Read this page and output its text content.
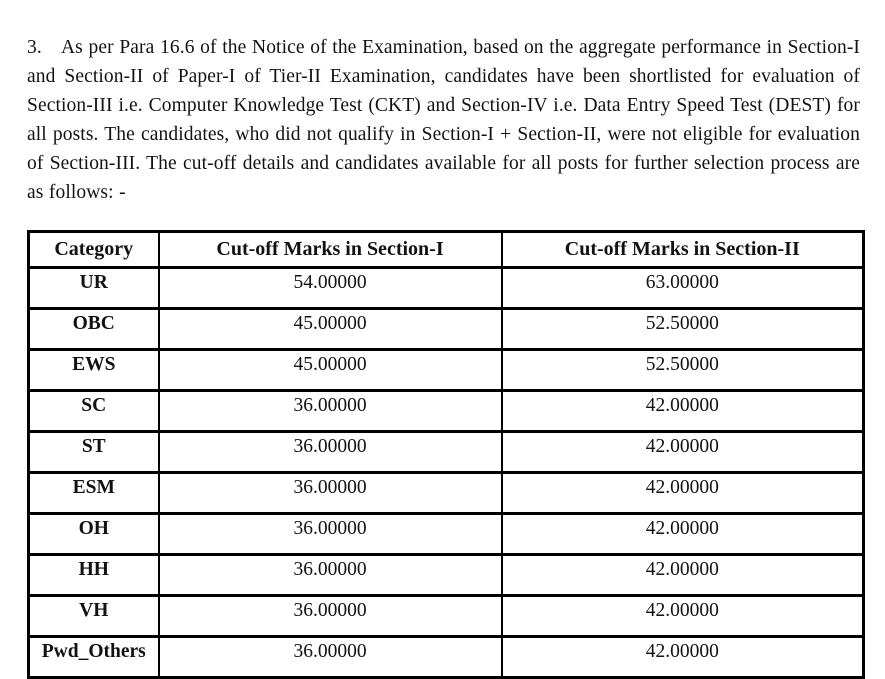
3. As per Para 16.6 of the Notice of the Examination, based on the aggregate performance in Section-I and Section-II of Paper-I of Tier-II Examination, candidates have been shortlisted for evaluation of Section-III i.e. Computer Knowledge Test (CKT) and Section-IV i.e. Data Entry Speed Test (DEST) for all posts. The candidates, who did not qualify in Section-I + Section-II, were not eligible for evaluation of Section-III. The cut-off details and candidates available for all posts for further selection process are as follows: -

Category	Cut-off Marks in Section-I	Cut-off Marks in Section-II
UR	54.00000	63.00000
OBC	45.00000	52.50000
EWS	45.00000	52.50000
SC	36.00000	42.00000
ST	36.00000	42.00000
ESM	36.00000	42.00000
OH	36.00000	42.00000
HH	36.00000	42.00000
VH	36.00000	42.00000
Pwd_Others	36.00000	42.00000
